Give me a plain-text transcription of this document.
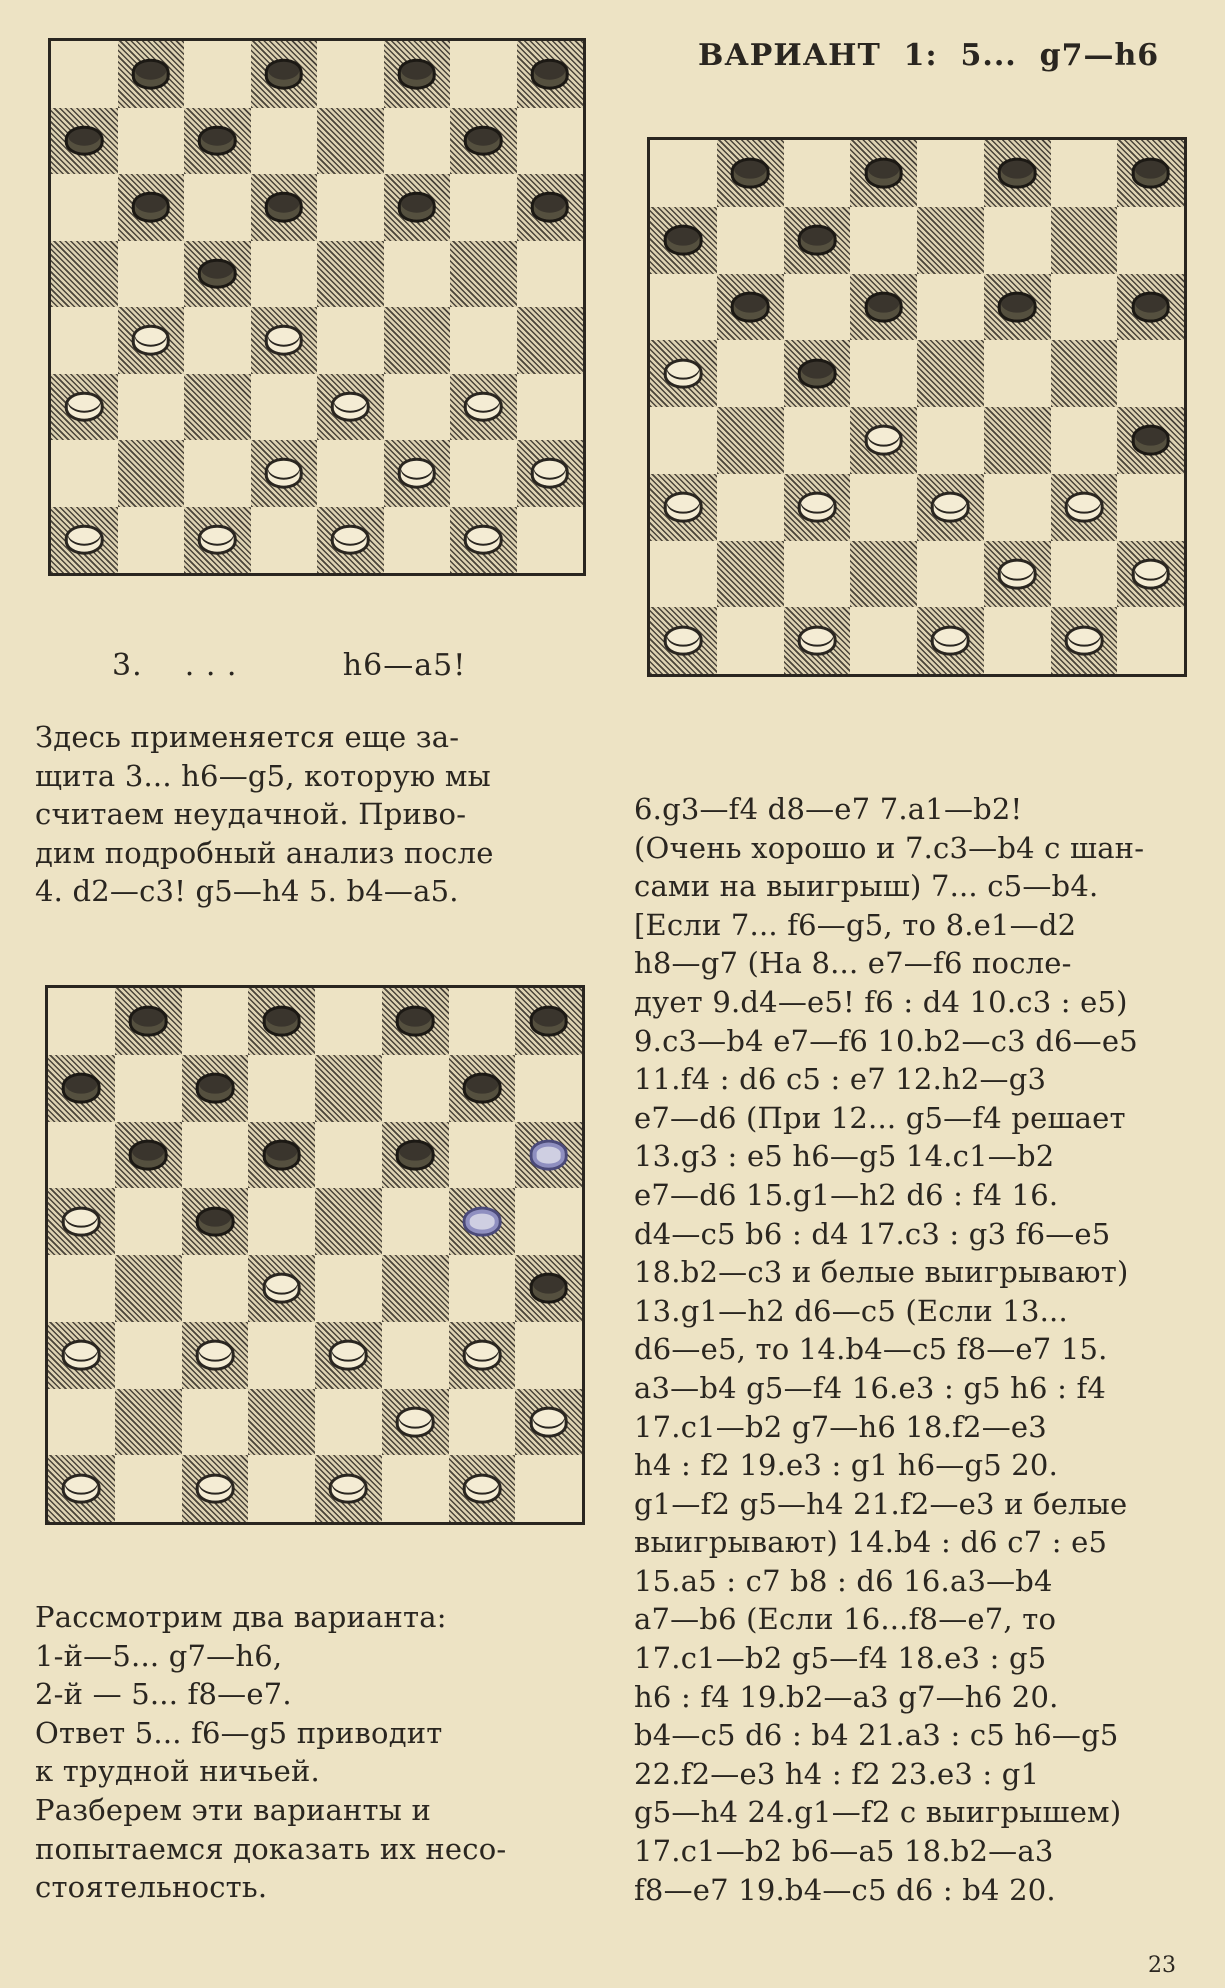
ВАРИАНТ  1:  5...  g7—h6
3.    . . .          h6—a5!

Здесь применяется еще за-

щита 3... h6—g5, которую мы

считаем неудачной. Приво-

дим подробный анализ после

4. d2—c3! g5—h4 5. b4—a5.

Рассмотрим два варианта:

1-й—5... g7—h6,

2-й — 5... f8—e7.

Ответ 5... f6—g5 приводит

к трудной ничьей.

Разберем эти варианты и

попытаемся доказать их несо-

стоятельность.

6.g3—f4 d8—e7 7.a1—b2!

(Очень хорошо и 7.c3—b4 с шан-

сами на выигрыш) 7... c5—b4.

[Если 7... f6—g5, то 8.e1—d2

h8—g7 (На 8... e7—f6 после-

дует 9.d4—e5! f6 : d4 10.c3 : e5)

9.c3—b4 e7—f6 10.b2—c3 d6—e5

11.f4 : d6 c5 : e7 12.h2—g3

e7—d6 (При 12... g5—f4 решает

13.g3 : e5 h6—g5 14.c1—b2

e7—d6 15.g1—h2 d6 : f4 16.

d4—c5 b6 : d4 17.c3 : g3 f6—e5

18.b2—c3 и белые выигрывают)

13.g1—h2 d6—c5 (Если 13...

d6—e5, то 14.b4—c5 f8—e7 15.

a3—b4 g5—f4 16.e3 : g5 h6 : f4

17.c1—b2 g7—h6 18.f2—e3

h4 : f2 19.e3 : g1 h6—g5 20.

g1—f2 g5—h4 21.f2—e3 и белые

выигрывают) 14.b4 : d6 c7 : e5

15.a5 : c7 b8 : d6 16.a3—b4

a7—b6 (Если 16...f8—e7, то

17.c1—b2 g5—f4 18.e3 : g5

h6 : f4 19.b2—a3 g7—h6 20.

b4—c5 d6 : b4 21.a3 : c5 h6—g5

22.f2—e3 h4 : f2 23.e3 : g1

g5—h4 24.g1—f2 с выигрышем)

17.c1—b2 b6—a5 18.b2—a3

f8—e7 19.b4—c5 d6 : b4 20.

23
